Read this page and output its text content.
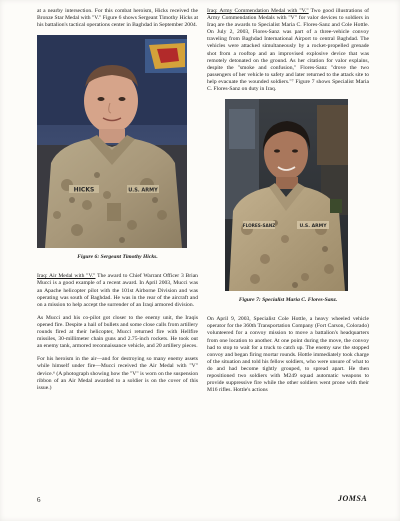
at a nearby intersection. For this combat heroism, Hicks received the Bronze Star Medal with "V." Figure 6 shows Sergeant Timothy Hicks at his battalion's tactical operations center in Baghdad in September 2004.

HICKS	U.S. ARMY
Figure 6: Sergeant Timothy Hicks.

Iraq: Air Medal with "V." The award to Chief Warrant Officer 3 Brian Mucci is a good example of a recent award. In April 2003, Mucci was an Apache helicopter pilot with the 101st Airborne Division and was operating was south of Baghdad. He was in the rear of the aircraft and on a mission to help accept the surrender of an Iraqi armored division.

As Mucci and his co-pilot got closer to the enemy unit, the Iraqis opened fire. Despite a hail of bullets and some close calls from artillery rounds fired at their helicopter, Mucci returned fire with Hellfire missiles, 30-millimeter chain guns and 2.75-inch rockets. He took out an enemy tank, armored reconnaissance vehicle, and 20 artillery pieces.

For his heroism in the air—and for destroying so many enemy assets while himself under fire—Mucci received the Air Medal with "V" device.⁶ (A photograph showing how the "V" is worn on the suspension ribbon of an Air Medal awarded to a soldier is on the cover of this issue.)

Iraq: Army Commendation Medal with "V." Two good illustrations of Army Commendation Medals with "V" for valor devices to soldiers in Iraq are the awards to Specialist Maria C. Flores-Sanz and Cole Hottle. On July 2, 2003, Flores-Sanz was part of a three-vehicle convoy traveling from Baghdad International Airport to central Baghdad. The vehicles were attacked simultaneously by a rocket-propelled grenade shot from a rooftop and an improvised explosive device that was remotely detonated on the ground. As her citation for valor explains, despite the "smoke and confusion," Flores-Sanz "drove the two passengers of her vehicle to safety and later returned to the attack site to help evacuate the wounded soldiers."⁷ Figure 7 shows Specialist Maria C. Flores-Sanz on duty in Iraq.

FLORES-SANZ	U.S. ARMY
Figure 7: Specialist Maria C. Flores-Sanz.

On April 9, 2003, Specialist Cole Hottle, a heavy wheeled vehicle operator for the 360th Transportation Company (Fort Carson, Colorado) volunteered for a convoy mission to move a battalion's headquarters from one location to another. At one point during the move, the convoy had to stop to wait for a truck to catch up. The enemy saw the stopped convoy and began firing mortar rounds. Hottle immediately took charge of the situation and told his fellow soldiers, who were unsure of what to do and had become tightly grouped, to spread apart. He then repositioned two soldiers with M249 squad automatic weapons to provide suppressive fire while the other soldiers went prone with their M16 rifles. Hottle's actions

6	JOMSA
